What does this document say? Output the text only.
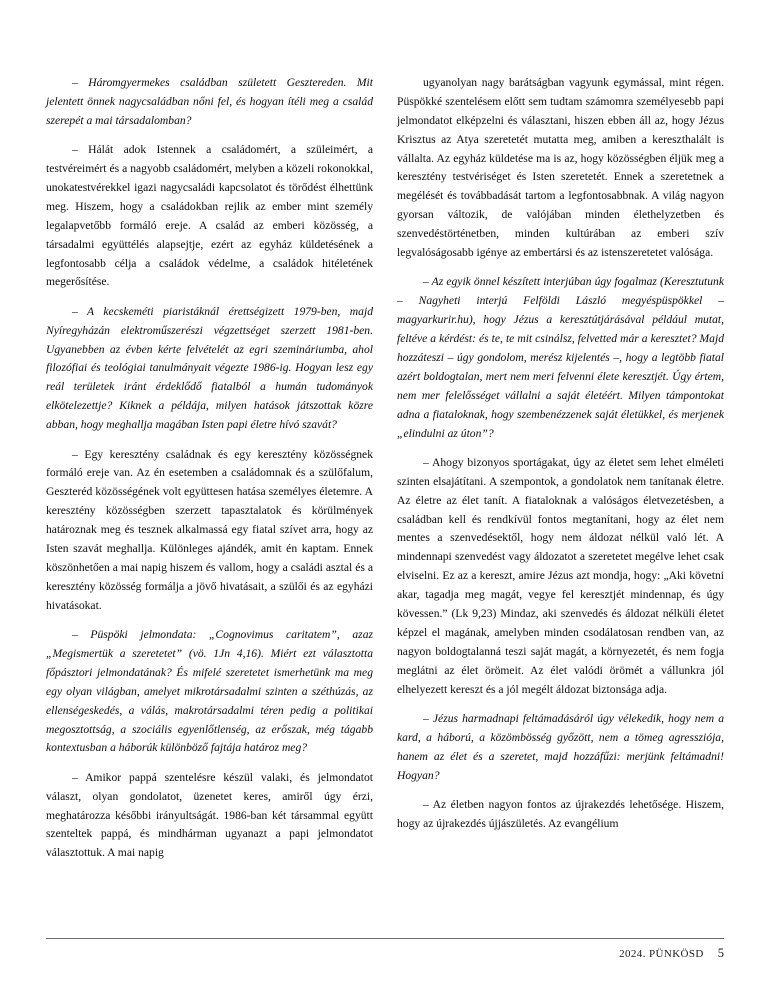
– Háromgyermekes családban született Gesztereden. Mit jelentett önnek nagycsaládban nőni fel, és hogyan ítéli meg a család szerepét a mai társadalomban?

– Hálát adok Istennek a családomért, a szüleimért, a testvéreimért és a nagyobb családomért, melyben a közeli rokonokkal, unokatestvérekkel igazi nagycsaládi kapcsolatot és törődést élhettünk meg. Hiszem, hogy a családokban rejlik az ember mint személy legalapvetőbb formáló ereje. A család az emberi közösség, a társadalmi együttélés alapsejtje, ezért az egyház küldetésének a legfontosabb célja a családok védelme, a családok hitéletének megerősítése.

– A kecskeméti piaristáknál érettségizett 1979-ben, majd Nyíregyházán elektroműszerészi végzettséget szerzett 1981-ben. Ugyanebben az évben kérte felvételét az egri szemináriumba, ahol filozófiai és teológiai tanulmányait végezte 1986-ig. Hogyan lesz egy reál területek iránt érdeklődő fiatalból a humán tudományok elkötelezettje? Kiknek a példája, milyen hatások játszottak közre abban, hogy meghallja magában Isten papi életre hívó szavát?

– Egy keresztény családnak és egy keresztény közösségnek formáló ereje van. Az én esetemben a családomnak és a szülőfalum, Geszteréd közösségének volt együttesen hatása személyes életemre. A keresztény közösségben szerzett tapasztalatok és körülmények határoznak meg és tesznek alkalmassá egy fiatal szívet arra, hogy az Isten szavát meghallja. Különleges ajándék, amit én kaptam. Ennek köszönhetően a mai napig hiszem és vallom, hogy a családi asztal és a keresztény közösség formálja a jövő hivatásait, a szülői és az egyházi hivatásokat.

– Püspöki jelmondata: „Cognovimus caritatem”, azaz „Megismertük a szeretetet” (vö. 1Jn 4,16). Miért ezt választotta főpásztori jelmondatának? És mifelé szeretetet ismerhetünk ma meg egy olyan világban, amelyet mikrotársadalmi szinten a széthúzás, az ellenségeskedés, a válás, makrotársadalmi téren pedig a politikai megosztottság, a szociális egyenlőtlenség, az erőszak, még tágabb kontextusban a háborúk különböző fajtája határoz meg?

– Amikor pappá szentelésre készül valaki, és jelmondatot választ, olyan gondolatot, üzenetet keres, amiről úgy érzi, meghatározza későbbi irányultságát. 1986-ban két társammal együtt szenteltek pappá, és mindhárman ugyanazt a papi jelmondatot választottuk. A mai napig

ugyanolyan nagy barátságban vagyunk egymással, mint régen. Püspökké szentelésem előtt sem tudtam számomra személyesebb papi jelmondatot elképzelni és választani, hiszen ebben áll az, hogy Jézus Krisztus az Atya szeretetét mutatta meg, amiben a kereszthalált is vállalta. Az egyház küldetése ma is az, hogy közösségben éljük meg a keresztény testvériséget és Isten szeretetét. Ennek a szeretetnek a megélését és továbbadását tartom a legfontosabbnak. A világ nagyon gyorsan változik, de valójában minden élethelyzetben és szenvedéstörténetben, minden kultúrában az emberi szív legvalóságosabb igénye az embertársi és az istenszeretetet valósága.

– Az egyik önnel készített interjúban úgy fogalmaz (Keresztutunk – Nagyheti interjú Felföldi László megyéspüspökkel – magyarkurir.hu), hogy Jézus a keresztútjárásával például mutat, feltéve a kérdést: és te, te mit csinálsz, felvetted már a keresztet? Majd hozzáteszi – úgy gondolom, merész kijelentés –, hogy a legtöbb fiatal azért boldogtalan, mert nem meri felvenni élete keresztjét. Úgy értem, nem mer felelősséget vállalni a saját életéért. Milyen támpontokat adna a fiataloknak, hogy szembenézzenek saját életükkel, és merjenek „elindulni az úton”?

– Ahogy bizonyos sportágakat, úgy az életet sem lehet elméleti szinten elsajátítani. A szempontok, a gondolatok nem tanítanak életre. Az életre az élet tanít. A fiataloknak a valóságos életvezetésben, a családban kell és rendkívül fontos megtanítani, hogy az élet nem mentes a szenvedésektől, hogy nem áldozat nélkül való lét. A mindennapi szenvedést vagy áldozatot a szeretetet megélve lehet csak elviselni. Ez az a kereszt, amire Jézus azt mondja, hogy: „Aki követni akar, tagadja meg magát, vegye fel keresztjét mindennap, és úgy kövessen.” (Lk 9,23) Mindaz, aki szenvedés és áldozat nélküli életet képzel el magának, amelyben minden csodálatosan rendben van, az nagyon boldogtalanná teszi saját magát, a környezetét, és nem fogja meglátni az élet örömeit. Az élet valódi örömét a vállunkra jól elhelyezett kereszt és a jól megélt áldozat biztonsága adja.

– Jézus harmadnapi feltámadásáról úgy vélekedik, hogy nem a kard, a háború, a közömbösség győzött, nem a tömeg agressziója, hanem az élet és a szeretet, majd hozzáfűzi: merjünk feltámadni! Hogyan?

– Az életben nagyon fontos az újrakezdés lehetősége. Hiszem, hogy az újrakezdés újjászületés. Az evangélium

2024. PÜNKÖSD 5
